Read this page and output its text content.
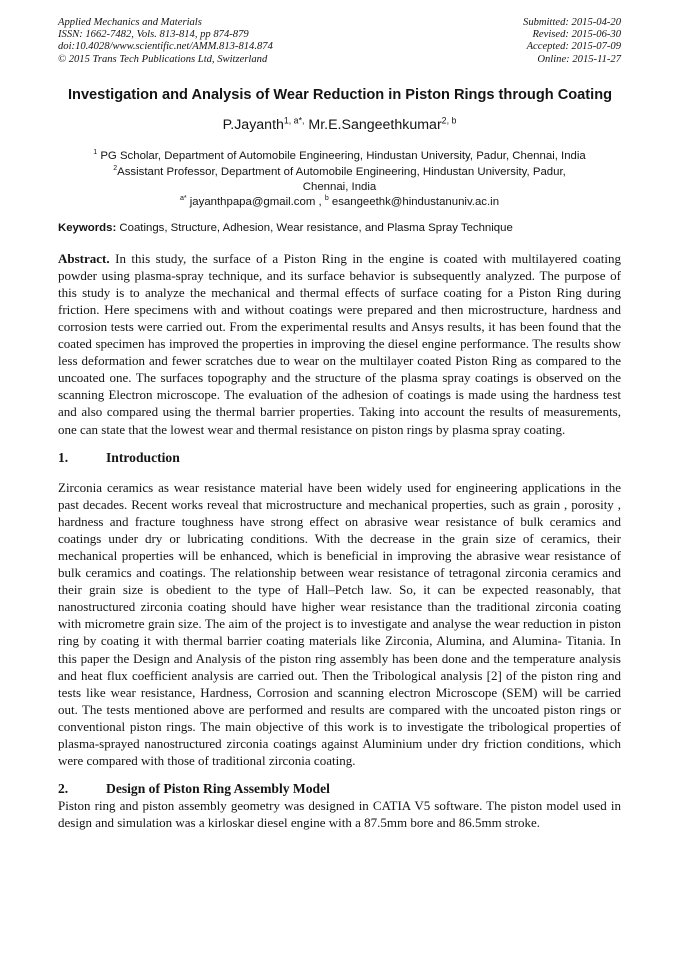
Applied Mechanics and Materials
ISSN: 1662-7482, Vols. 813-814, pp 874-879
doi:10.4028/www.scientific.net/AMM.813-814.874
© 2015 Trans Tech Publications Ltd, Switzerland
Submitted: 2015-04-20
Revised: 2015-06-30
Accepted: 2015-07-09
Online: 2015-11-27
Investigation and Analysis of Wear Reduction in Piston Rings through Coating
P.Jayanth$^{1, a*,}$ Mr.E.Sangeethkumar$^{2, b}$
$^1$ PG Scholar, Department of Automobile Engineering, Hindustan University, Padur, Chennai, India
$^2$Assistant Professor, Department of Automobile Engineering, Hindustan University, Padur,
Chennai, India
$^{a*}$ jayanthpapa@gmail.com , $^b$ esangeethk@hindustanuniv.ac.in
Keywords: Coatings, Structure, Adhesion, Wear resistance, and Plasma Spray Technique

Abstract. In this study, the surface of a Piston Ring in the engine is coated with multilayered coating powder using plasma-spray technique, and its surface behavior is subsequently analyzed. The purpose of this study is to analyze the mechanical and thermal effects of surface coating for a Piston Ring during friction. Here specimens with and without coatings were prepared and then microstructure, hardness and corrosion tests were carried out. From the experimental results and Ansys results, it has been found that the coated specimen has improved the properties in improving the diesel engine performance. The results show less deformation and fewer scratches due to wear on the multilayer coated Piston Ring as compared to the uncoated one. The surfaces topography and the structure of the plasma spray coatings is observed on the scanning Electron microscope. The evaluation of the adhesion of coatings is made using the hardness test and also compared using the thermal barrier properties. Taking into account the results of measurements, one can state that the lowest wear and thermal resistance on piston rings by plasma spray coating.

1.	Introduction

Zirconia ceramics as wear resistance material have been widely used for engineering applications in the past decades. Recent works reveal that microstructure and mechanical properties, such as grain , porosity , hardness and fracture toughness have strong effect on abrasive wear resistance of bulk ceramics and coatings under dry or lubricating conditions. With the decrease in the grain size of ceramics, their mechanical properties will be enhanced, which is beneficial in improving the abrasive wear resistance of bulk ceramics and coatings. The relationship between wear resistance of tetragonal zirconia ceramics and their grain size is obedient to the type of Hall–Petch law. So, it can be expected reasonably, that nanostructured zirconia coating should have higher wear resistance than the traditional zirconia coating with micrometre grain size. The aim of the project is to investigate and analyse the wear reduction in piston ring by coating it with thermal barrier coating materials like Zirconia, Alumina, and Alumina- Titania. In this paper the Design and Analysis of the piston ring assembly has been done and the temperature analysis and heat flux coefficient analysis are carried out. Then the Tribological analysis [2] of the piston ring and tests like wear resistance, Hardness, Corrosion and scanning electron Microscope (SEM) will be carried out. The tests mentioned above are performed and results are compared with the uncoated piston rings or conventional piston rings. The main objective of this work is to investigate the tribological properties of plasma-sprayed nanostructured zirconia coatings against Aluminium under dry friction conditions, which were compared with those of traditional zirconia coating.

2.	Design of Piston Ring Assembly Model

Piston ring and piston assembly geometry was designed in CATIA V5 software. The piston model used in design and simulation was a kirloskar diesel engine with a 87.5mm bore and 86.5mm stroke.
